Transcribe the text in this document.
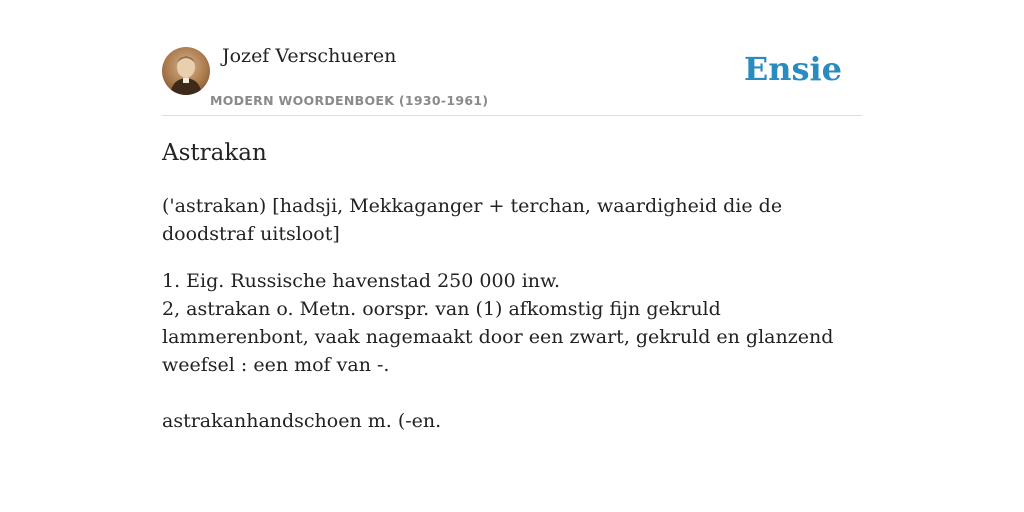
Jozef Verschueren
MODERN WOORDENBOEK (1930-1961)
Ensie
Astrakan

('astrakan) [hadsji, Mekkaganger + terchan, waardigheid die de doodstraf uitsloot]

1. Eig. Russische havenstad 250 000 inw.
2, astrakan o. Metn. oorspr. van (1) afkomstig fijn gekruld lammerenbont, vaak nagemaakt door een zwart, gekruld en glanzend weefsel : een mof van -.
astrakanhandschoen m. (-en.
